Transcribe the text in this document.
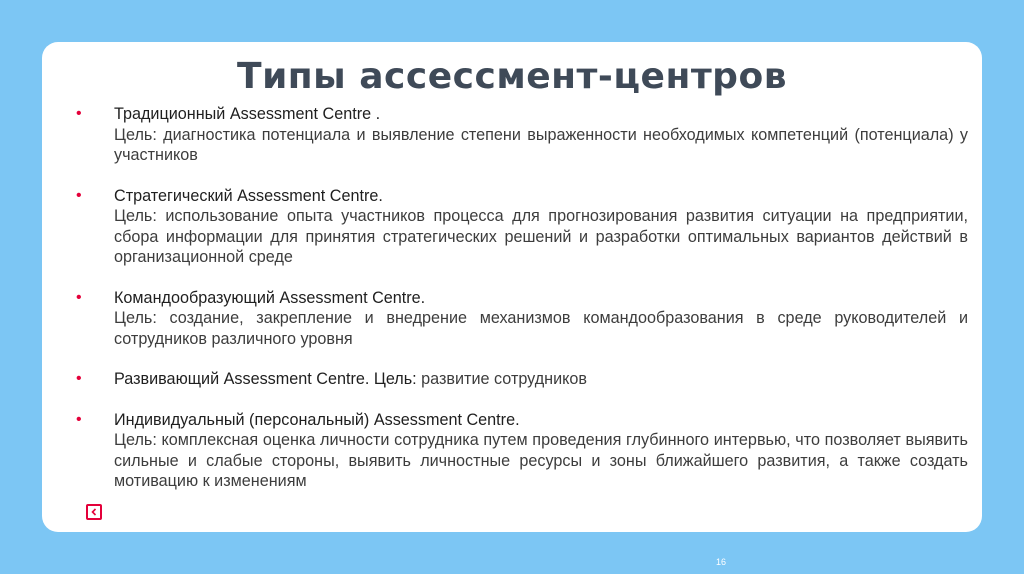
Типы ассессмент-центров
• Традиционный Assessment Centre .
Цель: диагностика потенциала и выявление степени выраженности необходимых компетенций (потенциала) у участников
• Стратегический Assessment Centre.
Цель: использование опыта участников процесса для прогнозирования развития ситуации на предприятии, сбора информации для принятия стратегических решений и разработки оптимальных вариантов действий в организационной среде
• Командообразующий Assessment Centre.
Цель: создание, закрепление и внедрение механизмов командообразования в среде руководителей и сотрудников различного уровня
• Развивающий Assessment Centre. Цель: развитие сотрудников
• Индивидуальный (персональный) Assessment Centre.
Цель: комплексная оценка личности сотрудника путем проведения глубинного интервью, что позволяет выявить сильные и слабые стороны, выявить личностные ресурсы и зоны ближайшего развития, а также создать мотивацию к изменениям
16
